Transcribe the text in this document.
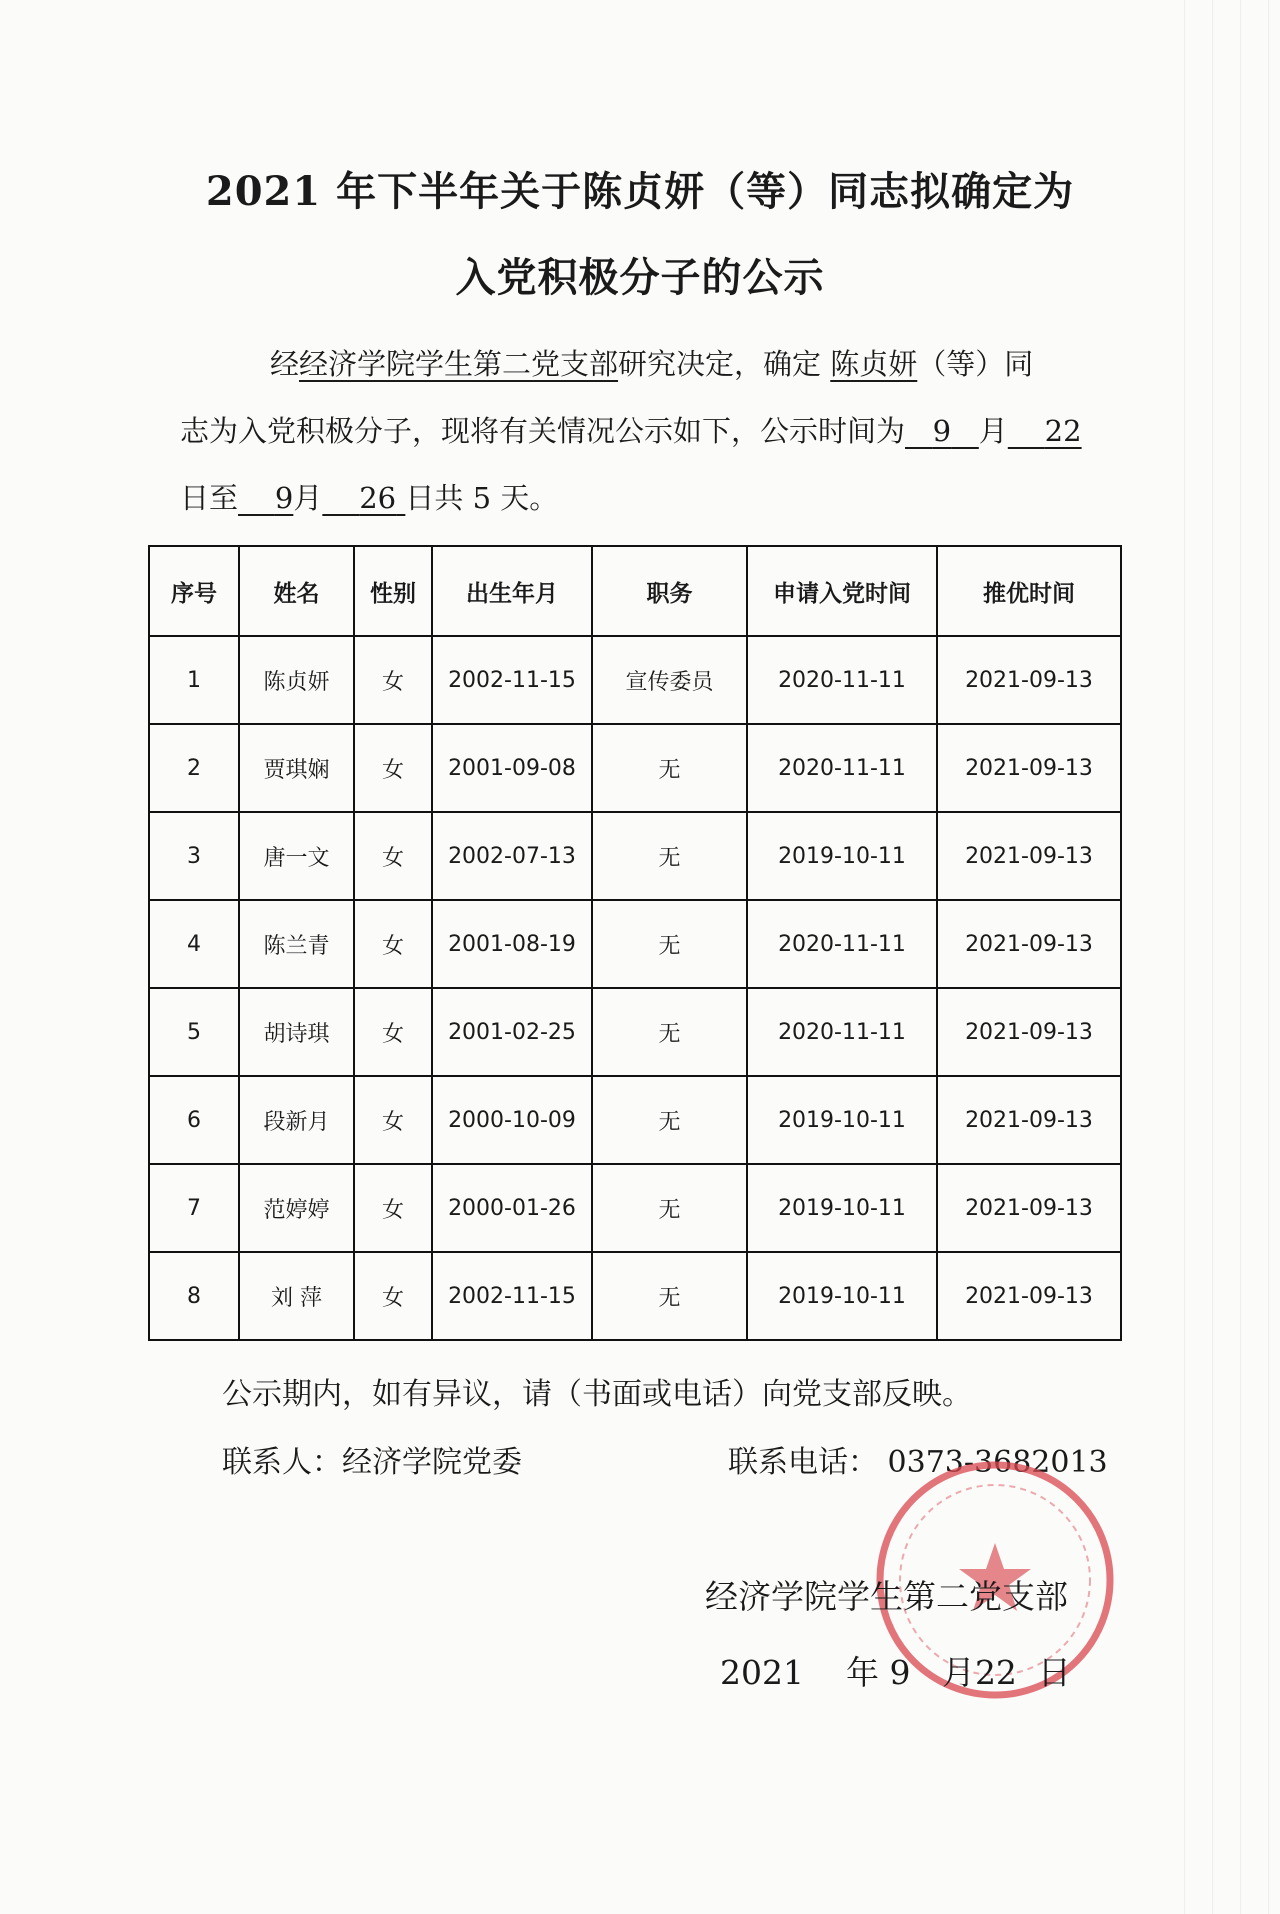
2021 年下半年关于陈贞妍（等）同志拟确定为
入党积极分子的公示
经经济学院学生第二党支部研究决定，确定 陈贞妍（等）同
志为入党积极分子，现将有关情况公示如下，公示时间为 9 月 22
日至 9月 26 日共 5 天。
序号	姓名	性别	出生年月	职务	申请入党时间	推优时间
1	陈贞妍	女	2002-11-15	宣传委员	2020-11-11	2021-09-13
2	贾琪娴	女	2001-09-08	无	2020-11-11	2021-09-13
3	唐一文	女	2002-07-13	无	2019-10-11	2021-09-13
4	陈兰青	女	2001-08-19	无	2020-11-11	2021-09-13
5	胡诗琪	女	2001-02-25	无	2020-11-11	2021-09-13
6	段新月	女	2000-10-09	无	2019-10-11	2021-09-13
7	范婷婷	女	2000-01-26	无	2019-10-11	2021-09-13
8	刘 萍	女	2002-11-15	无	2019-10-11	2021-09-13
公示期内，如有异议，请（书面或电话）向党支部反映。
联系人：经济学院党委	联系电话： 0373-3682013
经济学院学生第二党支部
2021 年 9 月22 日
